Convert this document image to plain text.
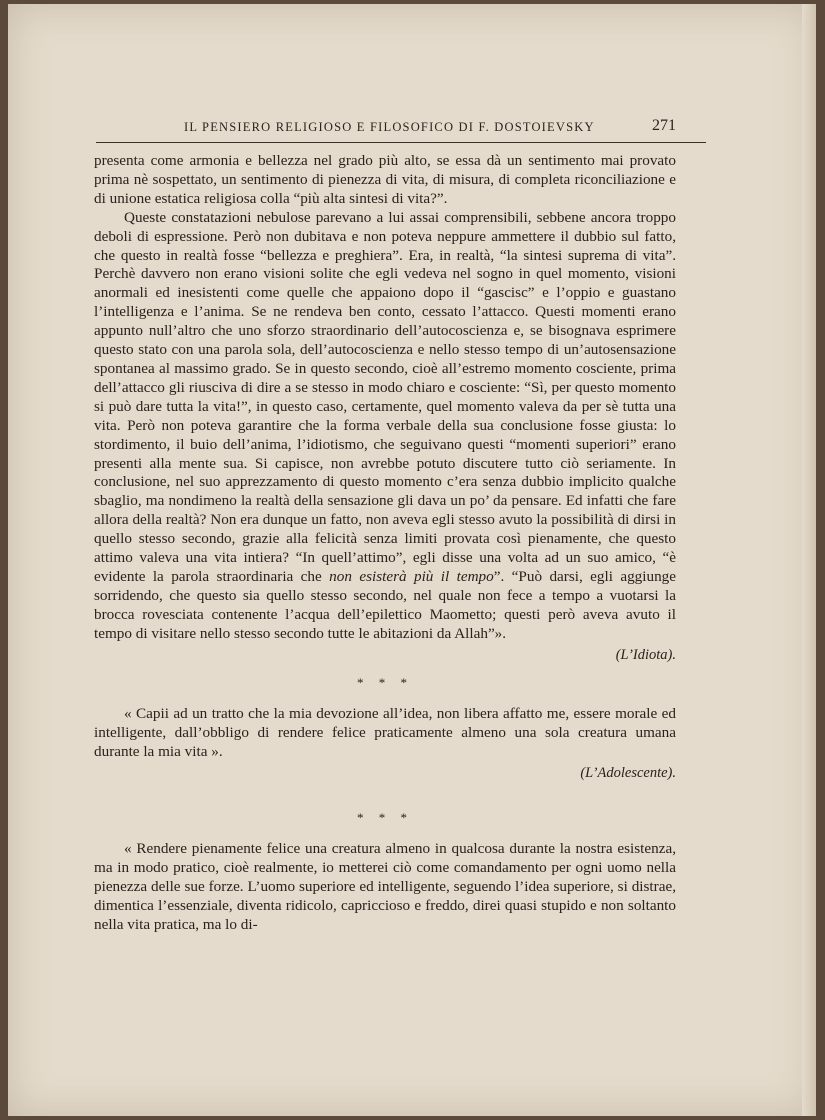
IL PENSIERO RELIGIOSO E FILOSOFICO DI F. DOSTOIEVSKY	271

presenta come armonia e bellezza nel grado più alto, se essa dà un sentimento mai provato prima nè sospettato, un sentimento di pienezza di vita, di misura, di completa riconciliazione e di unione estatica religiosa colla “più alta sintesi di vita?”.

Queste constatazioni nebulose parevano a lui assai comprensibili, sebbene ancora troppo deboli di espressione. Però non dubitava e non poteva neppure ammettere il dubbio sul fatto, che questo in realtà fosse “bellezza e preghiera”. Era, in realtà, “la sintesi suprema di vita”. Perchè davvero non erano visioni solite che egli vedeva nel sogno in quel momento, visioni anormali ed inesistenti come quelle che appaiono dopo il “gascisc” e l’oppio e guastano l’intelligenza e l’anima. Se ne rendeva ben conto, cessato l’attacco. Questi momenti erano appunto null’altro che uno sforzo straordinario dell’autocoscienza e, se bisognava esprimere questo stato con una parola sola, dell’autocoscienza e nello stesso tempo di un’autosensazione spontanea al massimo grado. Se in questo secondo, cioè all’estremo momento cosciente, prima dell’attacco gli riusciva di dire a se stesso in modo chiaro e cosciente: “Sì, per questo momento si può dare tutta la vita!”, in questo caso, certamente, quel momento valeva da per sè tutta una vita. Però non poteva garantire che la forma verbale della sua conclusione fosse giusta: lo stordimento, il buio dell’anima, l’idiotismo, che seguivano questi “momenti superiori” erano presenti alla mente sua. Si capisce, non avrebbe potuto discutere tutto ciò seriamente. In conclusione, nel suo apprezzamento di questo momento c’era senza dubbio implicito qualche sbaglio, ma nondimeno la realtà della sensazione gli dava un po’ da pensare. Ed infatti che fare allora della realtà? Non era dunque un fatto, non aveva egli stesso avuto la possibilità di dirsi in quello stesso secondo, grazie alla felicità senza limiti provata così pienamente, che questo attimo valeva una vita intiera? “In quell’attimo”, egli disse una volta ad un suo amico, “è evidente la parola straordinaria che non esisterà più il tempo”. “Può darsi, egli aggiunge sorridendo, che questo sia quello stesso secondo, nel quale non fece a tempo a vuotarsi la brocca rovesciata contenente l’acqua dell’epilettico Maometto; questi però aveva avuto il tempo di visitare nello stesso secondo tutte le abitazioni da Allah”».

(L’Idiota).

* * *

« Capii ad un tratto che la mia devozione all’idea, non libera affatto me, essere morale ed intelligente, dall’obbligo di rendere felice praticamente almeno una sola creatura umana durante la mia vita ».

(L’Adolescente).

* * *

« Rendere pienamente felice una creatura almeno in qualcosa durante la nostra esistenza, ma in modo pratico, cioè realmente, io metterei ciò come comandamento per ogni uomo nella pienezza delle sue forze. L’uomo superiore ed intelligente, seguendo l’idea superiore, si distrae, dimentica l’essenziale, diventa ridicolo, capriccioso e freddo, direi quasi stupido e non soltanto nella vita pratica, ma lo di-
